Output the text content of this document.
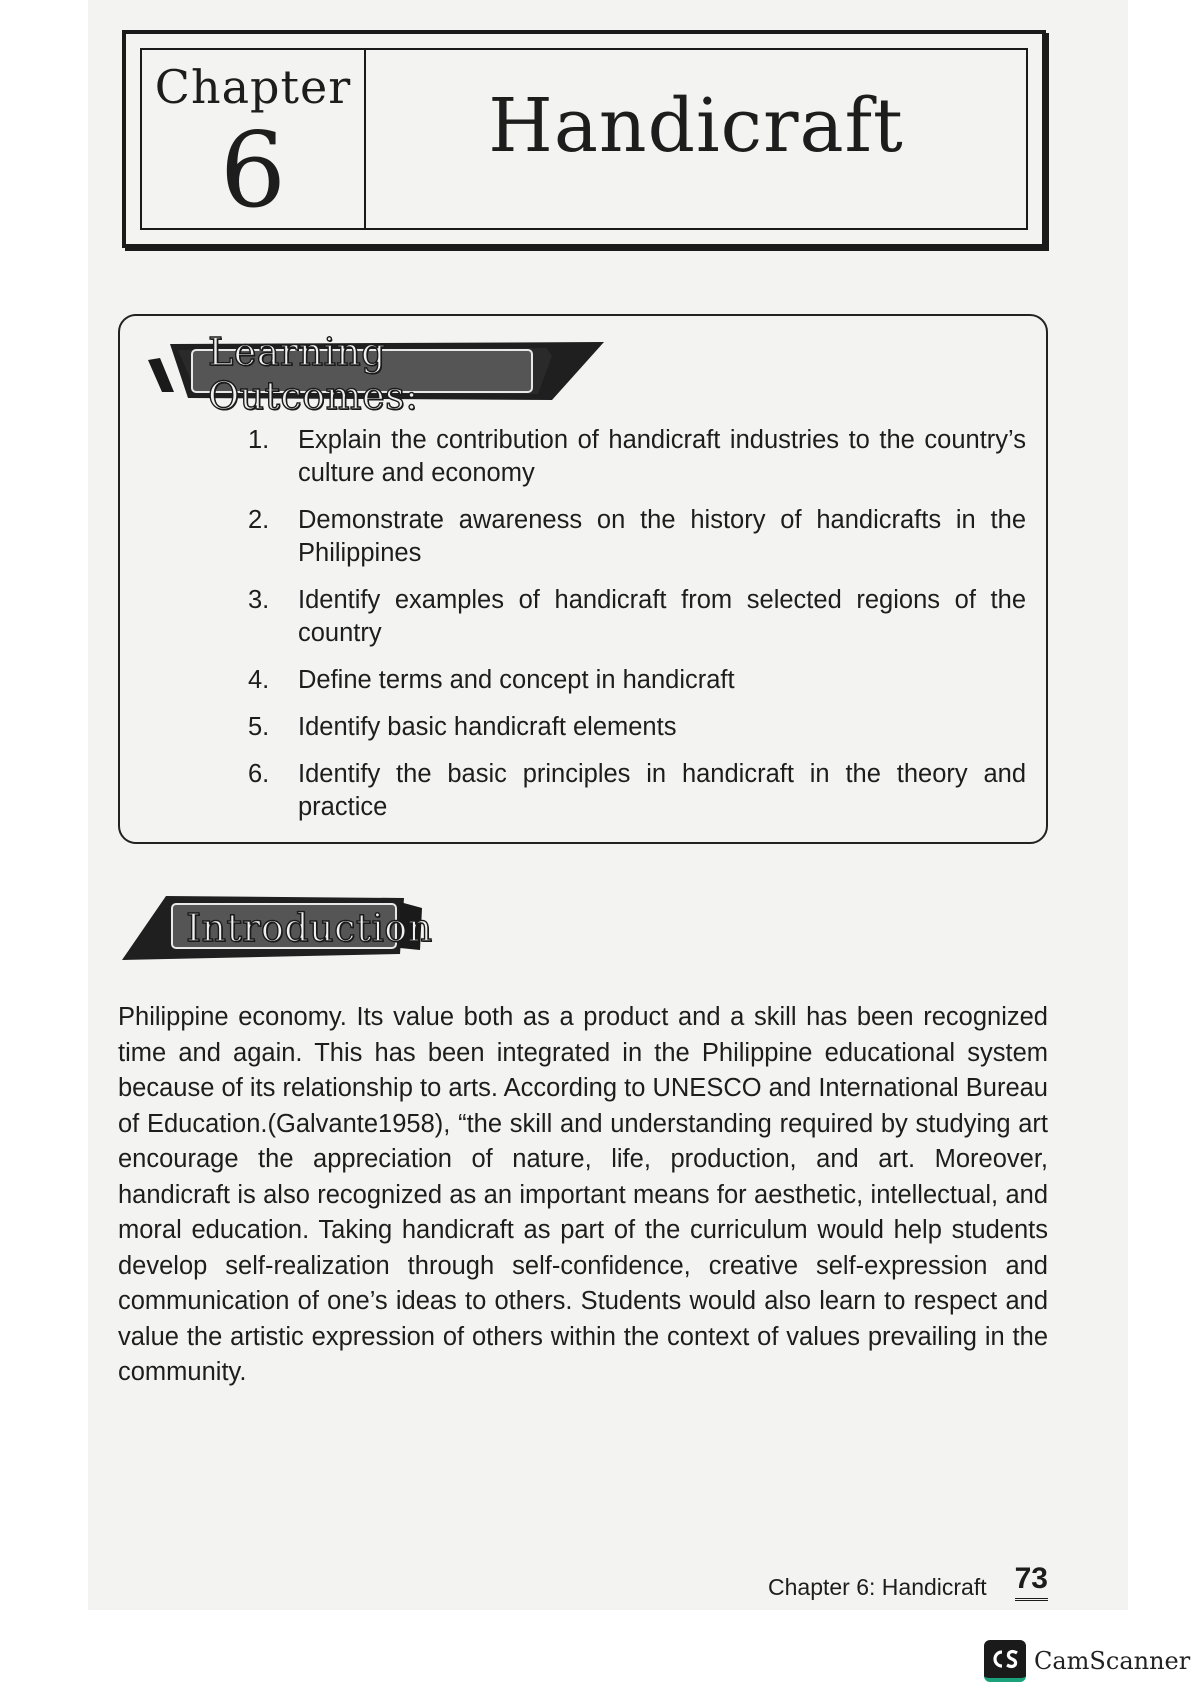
Chapter
6	Handicraft
Learning Outcomes:
1.	Explain the contribution of handicraft industries to the country’s culture and economy
2.	Demonstrate awareness on the history of handicrafts in the Philippines
3.	Identify examples of handicraft from selected regions of the country
4.	Define terms and concept in handicraft
5.	Identify basic handicraft elements
6.	Identify the basic principles in handicraft in the theory and practice
Introduction

Philippine economy. Its value both as a product and a skill has been recognized time and again. This has been integrated in the Philippine educational system because of its relationship to arts. According to UNESCO and International Bureau of Education.(Galvante1958), “the skill and understanding required by studying art encourage the appreciation of nature, life, production, and art. Moreover, handicraft is also recognized as an important means for aesthetic, intellectual, and moral education. Taking handicraft as part of the curriculum would help students develop self-realization through self-confidence, creative self-expression and communication of one’s ideas to others. Students would also learn to respect and value the artistic expression of others within the context of values prevailing in the community.

Chapter 6: Handicraft 73
CamScanner
